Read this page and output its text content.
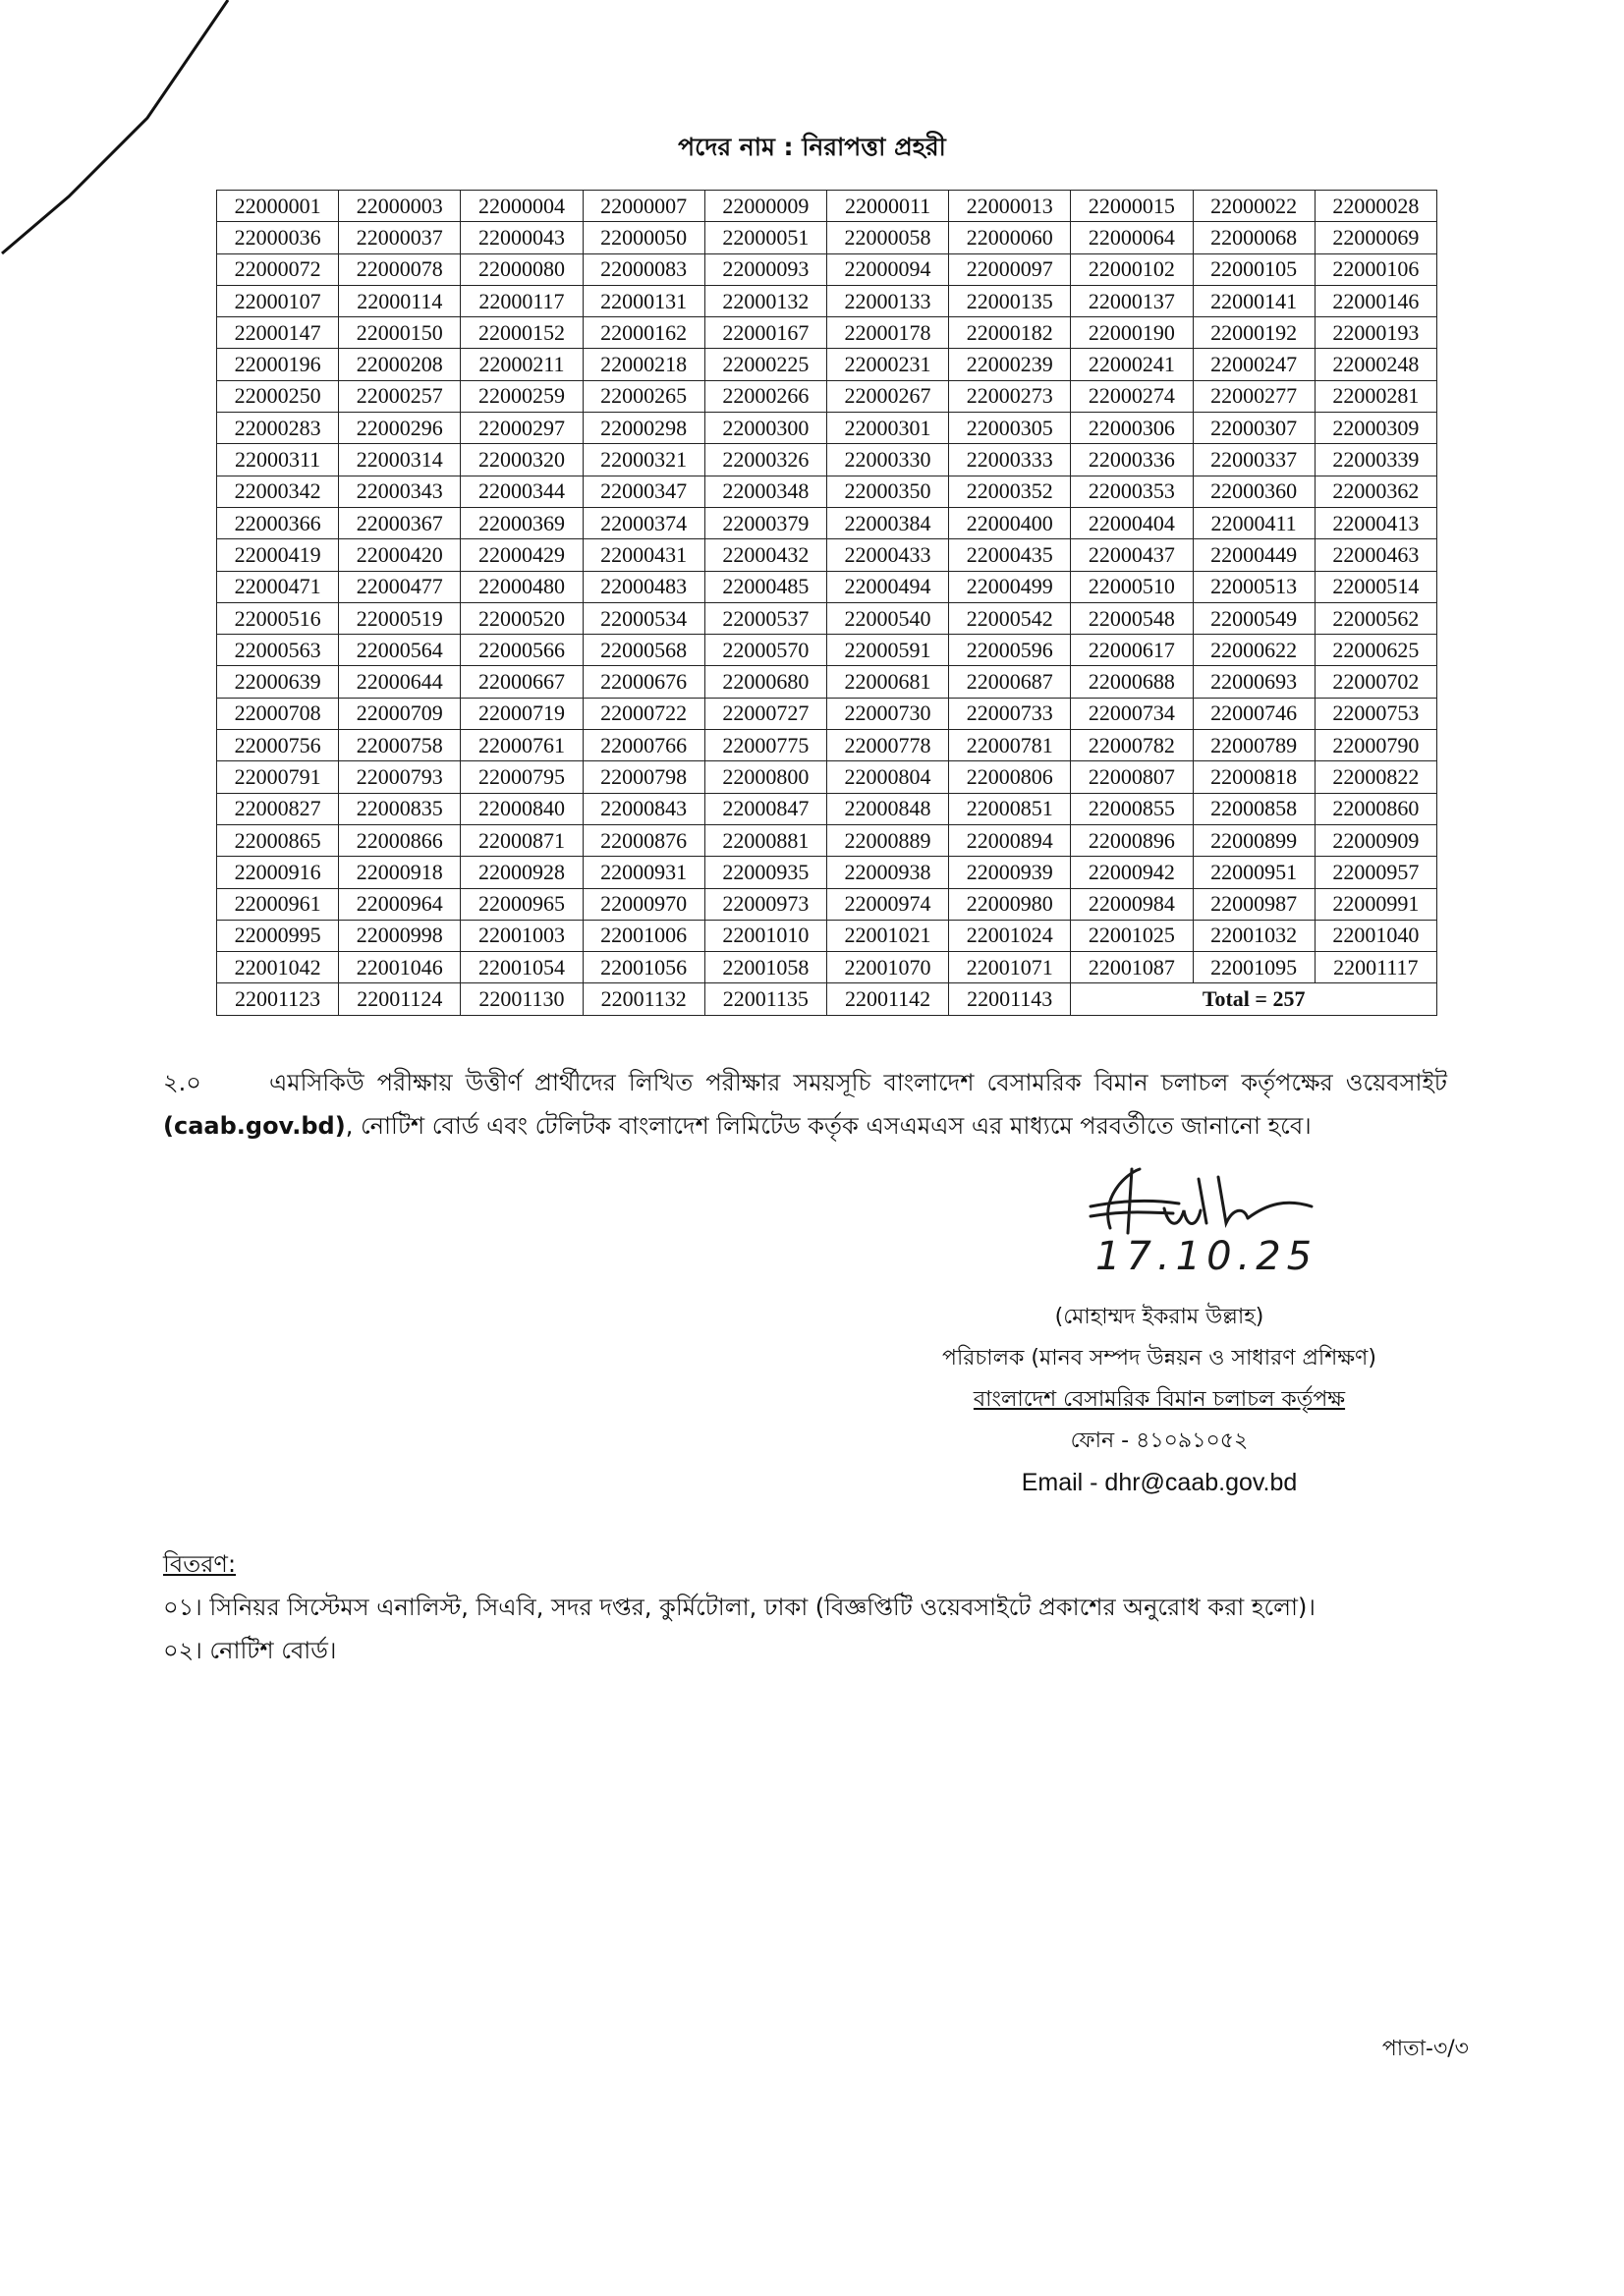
পদের নাম : নিরাপত্তা প্রহরী
22000001	22000003	22000004	22000007	22000009	22000011	22000013	22000015	22000022	22000028
22000036	22000037	22000043	22000050	22000051	22000058	22000060	22000064	22000068	22000069
22000072	22000078	22000080	22000083	22000093	22000094	22000097	22000102	22000105	22000106
22000107	22000114	22000117	22000131	22000132	22000133	22000135	22000137	22000141	22000146
22000147	22000150	22000152	22000162	22000167	22000178	22000182	22000190	22000192	22000193
22000196	22000208	22000211	22000218	22000225	22000231	22000239	22000241	22000247	22000248
22000250	22000257	22000259	22000265	22000266	22000267	22000273	22000274	22000277	22000281
22000283	22000296	22000297	22000298	22000300	22000301	22000305	22000306	22000307	22000309
22000311	22000314	22000320	22000321	22000326	22000330	22000333	22000336	22000337	22000339
22000342	22000343	22000344	22000347	22000348	22000350	22000352	22000353	22000360	22000362
22000366	22000367	22000369	22000374	22000379	22000384	22000400	22000404	22000411	22000413
22000419	22000420	22000429	22000431	22000432	22000433	22000435	22000437	22000449	22000463
22000471	22000477	22000480	22000483	22000485	22000494	22000499	22000510	22000513	22000514
22000516	22000519	22000520	22000534	22000537	22000540	22000542	22000548	22000549	22000562
22000563	22000564	22000566	22000568	22000570	22000591	22000596	22000617	22000622	22000625
22000639	22000644	22000667	22000676	22000680	22000681	22000687	22000688	22000693	22000702
22000708	22000709	22000719	22000722	22000727	22000730	22000733	22000734	22000746	22000753
22000756	22000758	22000761	22000766	22000775	22000778	22000781	22000782	22000789	22000790
22000791	22000793	22000795	22000798	22000800	22000804	22000806	22000807	22000818	22000822
22000827	22000835	22000840	22000843	22000847	22000848	22000851	22000855	22000858	22000860
22000865	22000866	22000871	22000876	22000881	22000889	22000894	22000896	22000899	22000909
22000916	22000918	22000928	22000931	22000935	22000938	22000939	22000942	22000951	22000957
22000961	22000964	22000965	22000970	22000973	22000974	22000980	22000984	22000987	22000991
22000995	22000998	22001003	22001006	22001010	22001021	22001024	22001025	22001032	22001040
22001042	22001046	22001054	22001056	22001058	22001070	22001071	22001087	22001095	22001117
22001123	22001124	22001130	22001132	22001135	22001142	22001143	Total = 257		
২.০	এমসিকিউ পরীক্ষায় উত্তীর্ণ প্রার্থীদের লিখিত পরীক্ষার সময়সূচি বাংলাদেশ বেসামরিক বিমান চলাচল কর্তৃপক্ষের ওয়েবসাইট (caab.gov.bd), নোটিশ বোর্ড এবং টেলিটক বাংলাদেশ লিমিটেড কর্তৃক এসএমএস এর মাধ্যমে পরবর্তীতে জানানো হবে।
17.10.25
(মোহাম্মদ ইকরাম উল্লাহ)
পরিচালক (মানব সম্পদ উন্নয়ন ও সাধারণ প্রশিক্ষণ)
বাংলাদেশ বেসামরিক বিমান চলাচল কর্তৃপক্ষ
ফোন - ৪১০৯১০৫২
Email - dhr@caab.gov.bd
বিতরণ:
০১। সিনিয়র সিস্টেমস এনালিস্ট, সিএবি, সদর দপ্তর, কুর্মিটোলা, ঢাকা (বিজ্ঞপ্তিটি ওয়েবসাইটে প্রকাশের অনুরোধ করা হলো)।
০২। নোটিশ বোর্ড।
পাতা-৩/৩
